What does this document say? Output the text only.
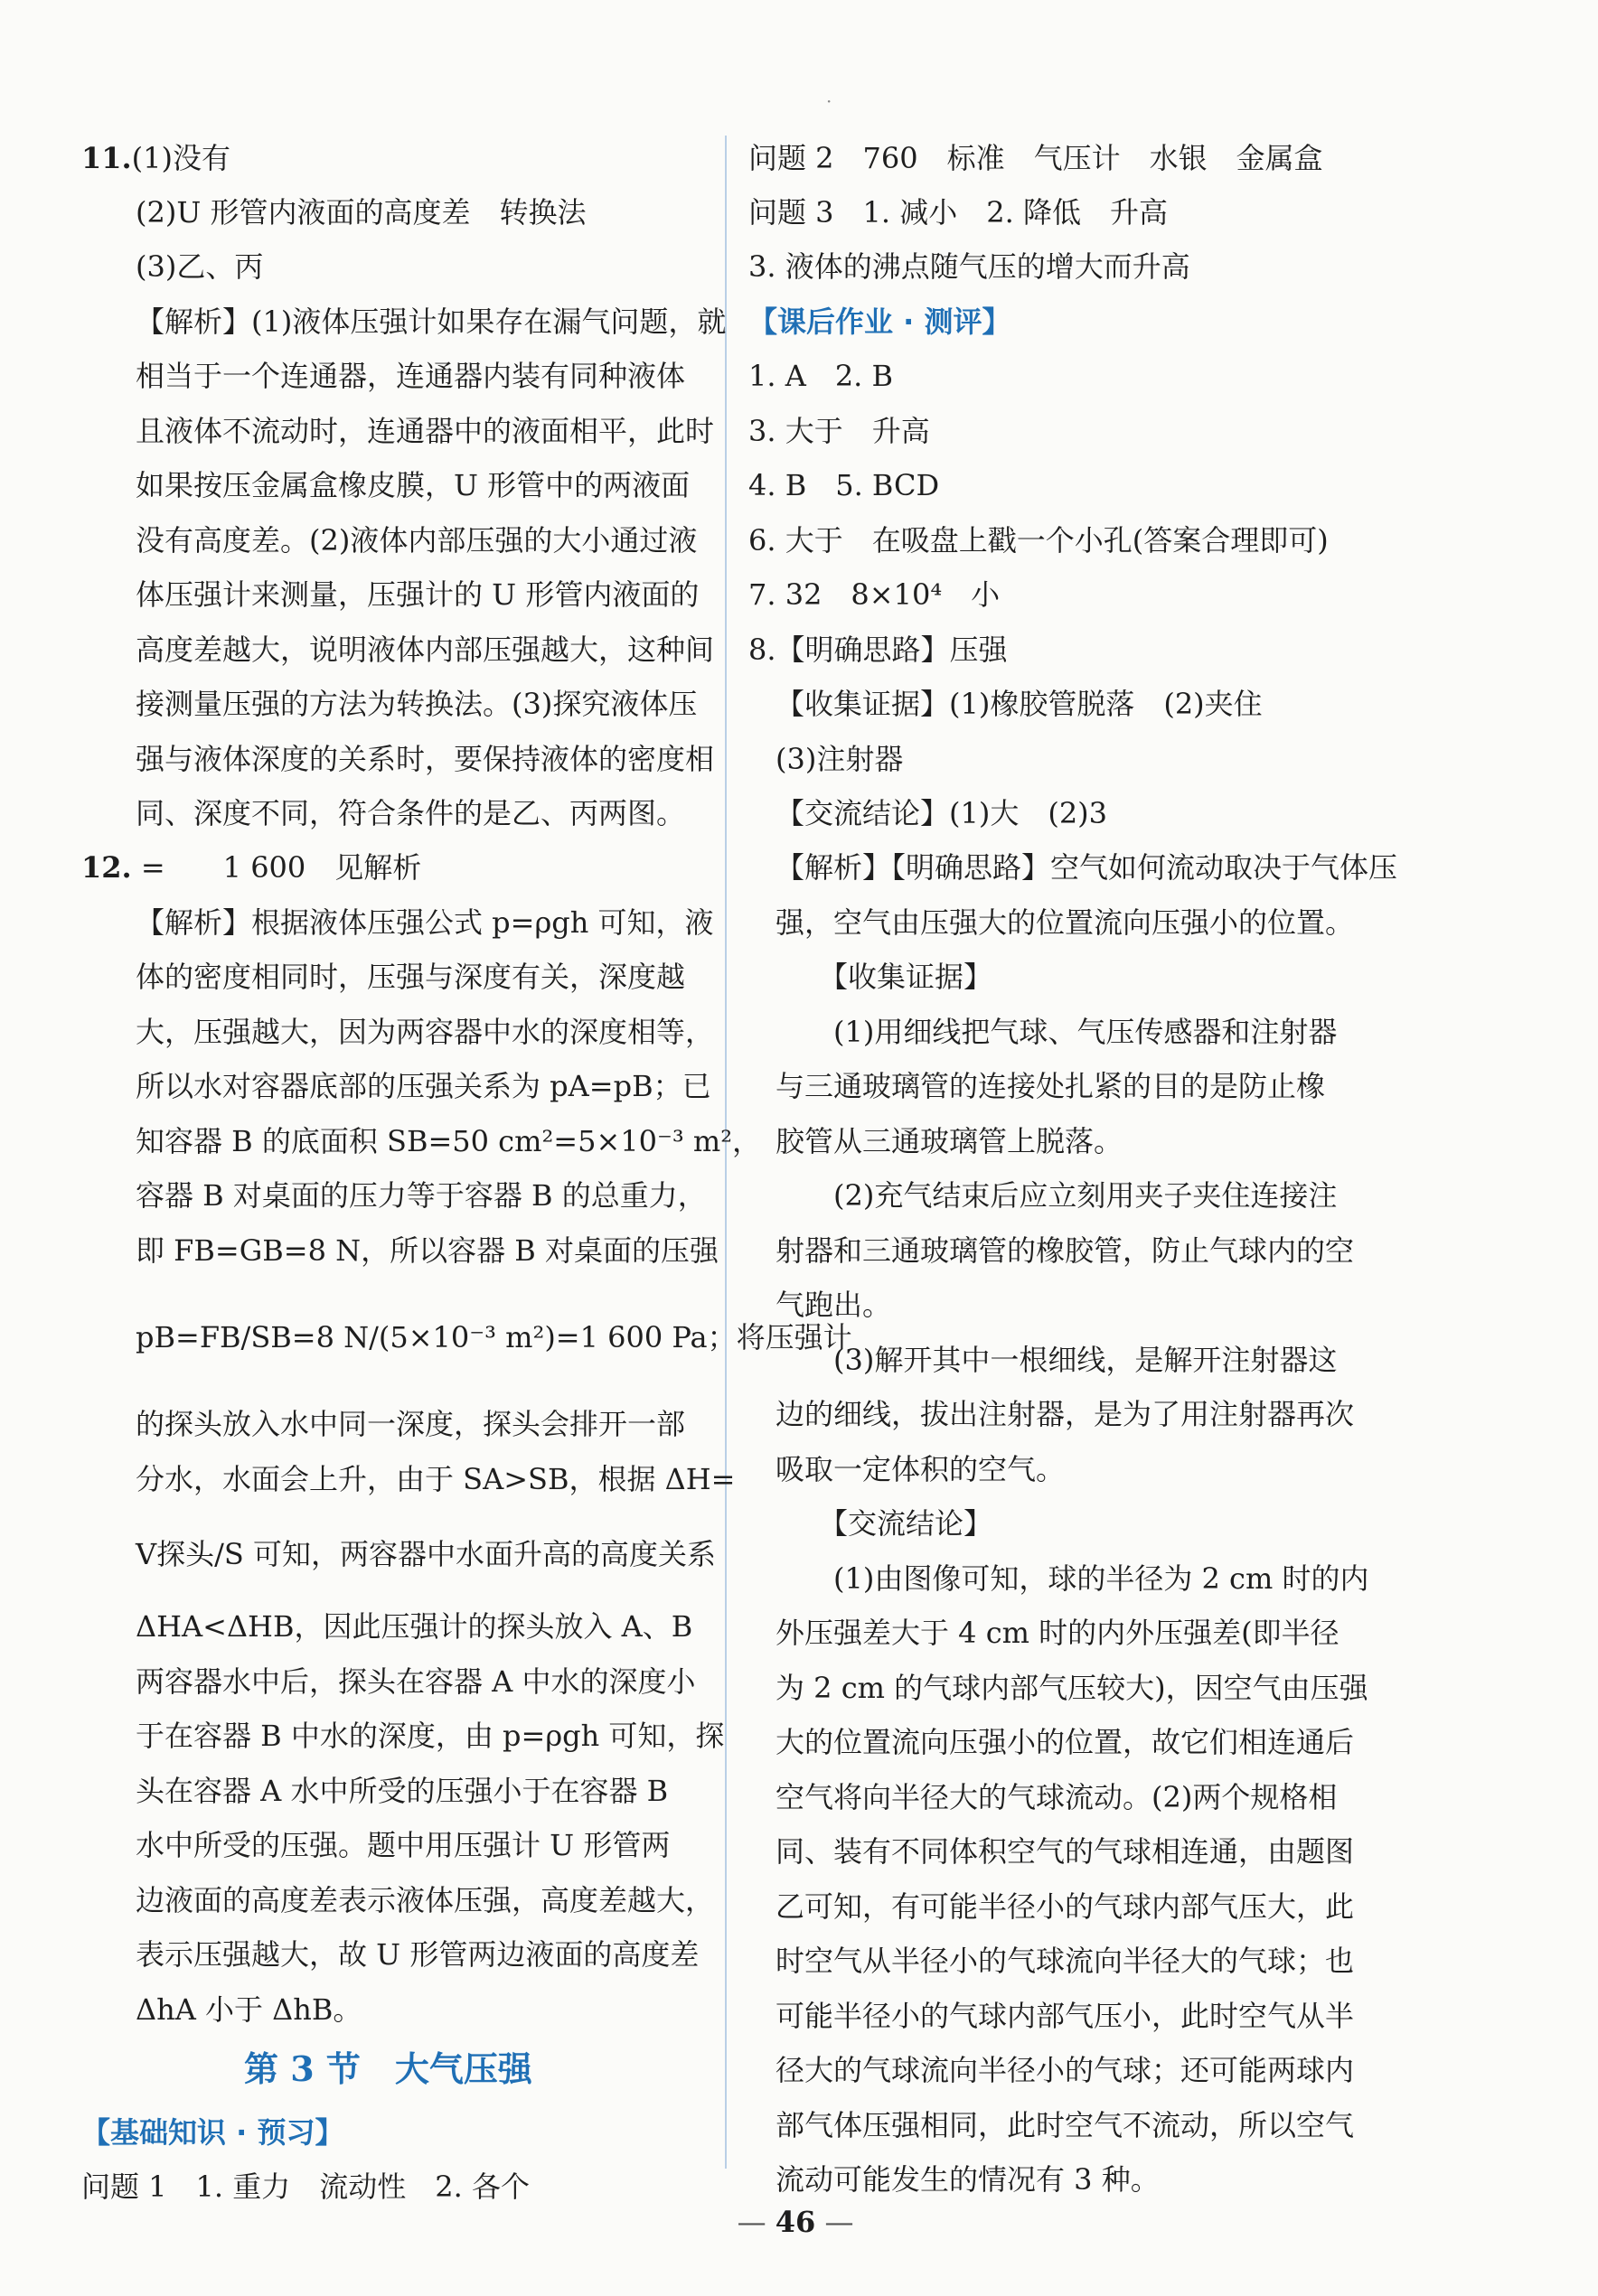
·
11.(1)没有
(2)U 形管内液面的高度差　转换法
(3)乙、丙
【解析】(1)液体压强计如果存在漏气问题，就
相当于一个连通器，连通器内装有同种液体
且液体不流动时，连通器中的液面相平，此时
如果按压金属盒橡皮膜，U 形管中的两液面
没有高度差。(2)液体内部压强的大小通过液
体压强计来测量，压强计的 U 形管内液面的
高度差越大，说明液体内部压强越大，这种间
接测量压强的方法为转换法。(3)探究液体压
强与液体深度的关系时，要保持液体的密度相
同、深度不同，符合条件的是乙、丙两图。
12. =　　1 600　见解析
【解析】根据液体压强公式 p=ρgh 可知，液
体的密度相同时，压强与深度有关，深度越
大，压强越大，因为两容器中水的深度相等，
所以水对容器底部的压强关系为 pA=pB；已
知容器 B 的底面积 SB=50 cm²=5×10⁻³ m²，
容器 B 对桌面的压力等于容器 B 的总重力，
即 FB=GB=8 N，所以容器 B 对桌面的压强
pB=FB/SB=8 N/(5×10⁻³ m²)=1 600 Pa；将压强计
的探头放入水中同一深度，探头会排开一部
分水，水面会上升，由于 SA>SB，根据 ΔH=
V探头/S 可知，两容器中水面升高的高度关系
ΔHA<ΔHB，因此压强计的探头放入 A、B
两容器水中后，探头在容器 A 中水的深度小
于在容器 B 中水的深度，由 p=ρgh 可知，探
头在容器 A 水中所受的压强小于在容器 B
水中所受的压强。题中用压强计 U 形管两
边液面的高度差表示液体压强，高度差越大，
表示压强越大，故 U 形管两边液面的高度差
ΔhA 小于 ΔhB。
第 3 节　大气压强
【基础知识 · 预习】
问题 1　1. 重力　流动性　2. 各个
问题 2　760　标准　气压计　水银　金属盒
问题 3　1. 减小　2. 降低　升高
3. 液体的沸点随气压的增大而升高
【课后作业 · 测评】
1. A　2. B
3. 大于　升高
4. B　5. BCD
6. 大于　在吸盘上戳一个小孔(答案合理即可)
7. 32　8×10⁴　小
8.【明确思路】压强
【收集证据】(1)橡胶管脱落　(2)夹住
(3)注射器
【交流结论】(1)大　(2)3
【解析】【明确思路】空气如何流动取决于气体压
强，空气由压强大的位置流向压强小的位置。
　　【收集证据】
　　(1)用细线把气球、气压传感器和注射器
与三通玻璃管的连接处扎紧的目的是防止橡
胶管从三通玻璃管上脱落。
　　(2)充气结束后应立刻用夹子夹住连接注
射器和三通玻璃管的橡胶管，防止气球内的空
气跑出。
　　(3)解开其中一根细线，是解开注射器这
边的细线，拔出注射器，是为了用注射器再次
吸取一定体积的空气。
　　【交流结论】
　　(1)由图像可知，球的半径为 2 cm 时的内
外压强差大于 4 cm 时的内外压强差(即半径
为 2 cm 的气球内部气压较大)，因空气由压强
大的位置流向压强小的位置，故它们相连通后
空气将向半径大的气球流动。(2)两个规格相
同、装有不同体积空气的气球相连通，由题图
乙可知，有可能半径小的气球内部气压大，此
时空气从半径小的气球流向半径大的气球；也
可能半径小的气球内部气压小，此时空气从半
径大的气球流向半径小的气球；还可能两球内
部气体压强相同，此时空气不流动，所以空气
流动可能发生的情况有 3 种。
— 46 —
